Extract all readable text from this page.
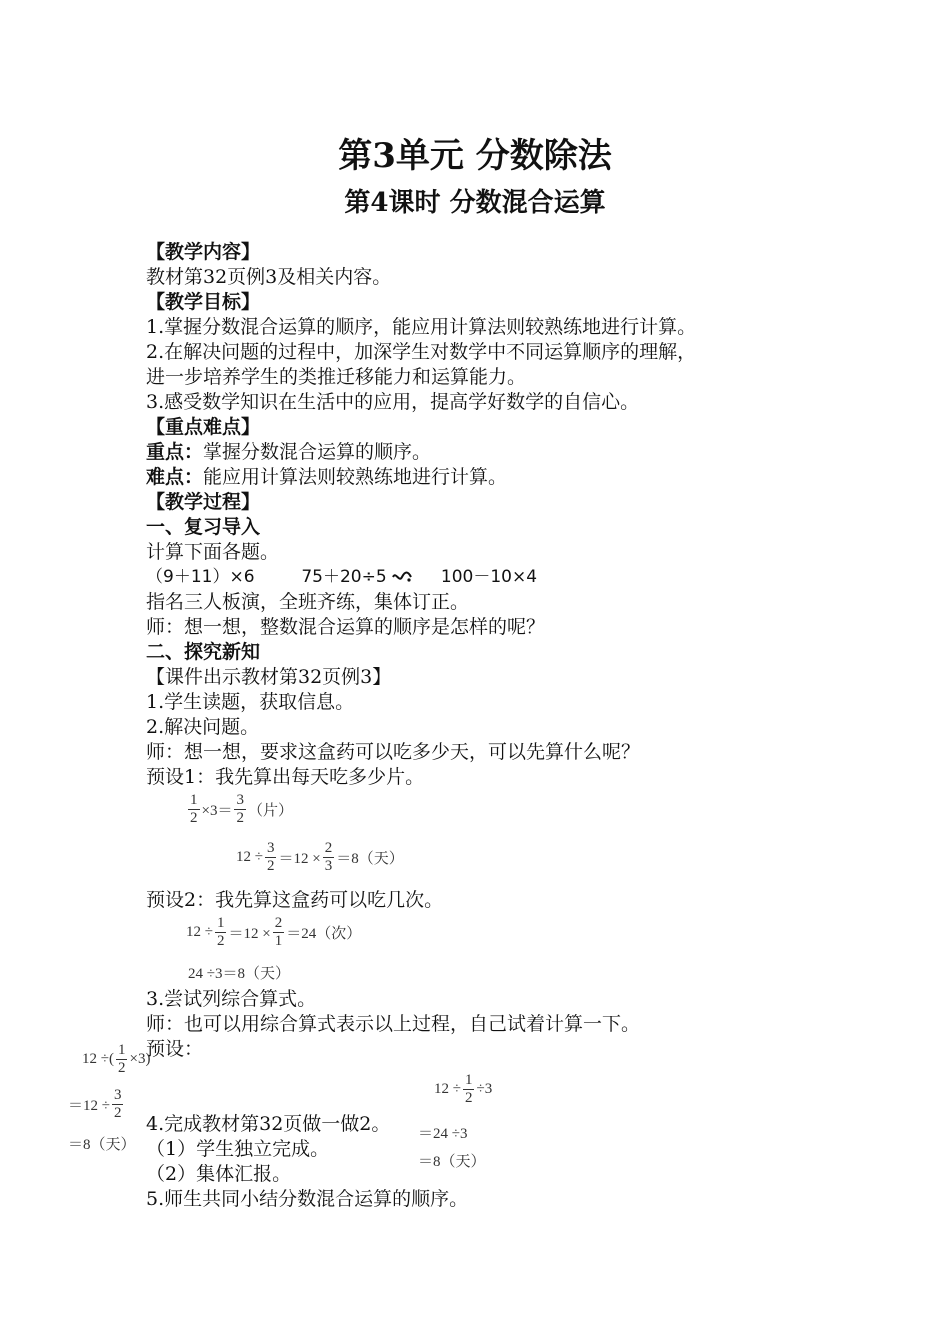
第3单元 分数除法
第4课时 分数混合运算
【教学内容】
教材第32页例3及相关内容。
【教学目标】
1.掌握分数混合运算的顺序，能应用计算法则较熟练地进行计算。
2.在解决问题的过程中，加深学生对数学中不同运算顺序的理解，
进一步培养学生的类推迁移能力和运算能力。
3.感受数学知识在生活中的应用，提高学好数学的自信心。
【重点难点】
重点：掌握分数混合运算的顺序。
难点：能应用计算法则较熟练地进行计算。
【教学过程】
一、复习导入
计算下面各题。
（9＋11）×6	75＋20÷5	100－10×4
指名三人板演，全班齐练，集体订正。
师：想一想，整数混合运算的顺序是怎样的呢？
二、探究新知
【课件出示教材第32页例3】
1.学生读题，获取信息。
2.解决问题。
师：想一想，要求这盒药可以吃多少天，可以先算什么呢？
预设1：我先算出每天吃多少片。
$\frac{1}{2} \times 3= \frac{3}{2}$ （片）
$12 \div \frac{3}{2} =12 \times \frac{2}{3} =8$（天）
预设2：我先算这盒药可以吃几次。
$12 \div \frac{1}{2} =12 \times \frac{2}{1} =24$（次）
24 ÷3＝8（天）
3.尝试列综合算式。
师：也可以用综合算式表示以上过程，自己试着计算一下。
预设：
12 ÷( $\frac{1}{2} \times 3$)
$=12 \div \frac{3}{2}$
＝8（天）
$12 \div \frac{1}{2} \div 3$
＝24 ÷3
＝8（天）
4.完成教材第32页做一做2。
（1）学生独立完成。
（2）集体汇报。
5.师生共同小结分数混合运算的顺序。
